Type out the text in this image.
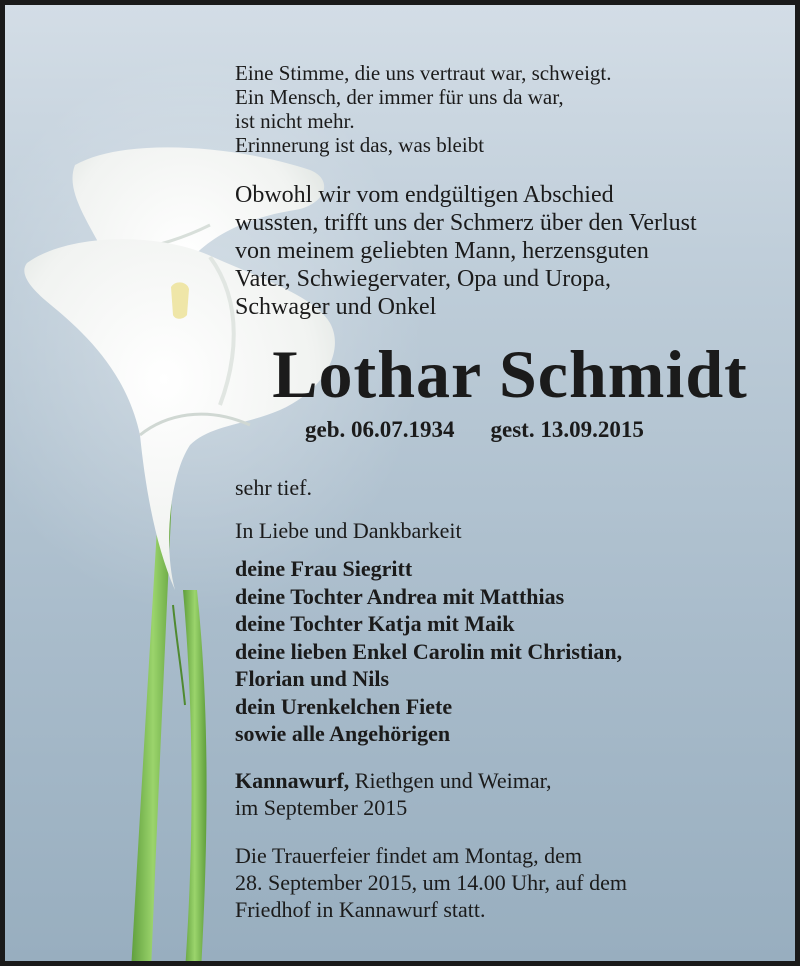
Eine Stimme, die uns vertraut war, schweigt.
Ein Mensch, der immer für uns da war,
ist nicht mehr.
Erinnerung ist das, was bleibt
Obwohl wir vom endgültigen Abschied
wussten, trifft uns der Schmerz über den Verlust
von meinem geliebten Mann, herzensguten
Vater, Schwiegervater, Opa und Uropa,
Schwager und Onkel
Lothar Schmidt
geb. 06.07.1934 gest. 13.09.2015
sehr tief.
In Liebe und Dankbarkeit
deine Frau Siegritt
deine Tochter Andrea mit Matthias
deine Tochter Katja mit Maik
deine lieben Enkel Carolin mit Christian,
Florian und Nils
dein Urenkelchen Fiete
sowie alle Angehörigen
Kannawurf, Riethgen und Weimar,
im September 2015
Die Trauerfeier findet am Montag, dem
28. September 2015, um 14.00 Uhr, auf dem
Friedhof in Kannawurf statt.
